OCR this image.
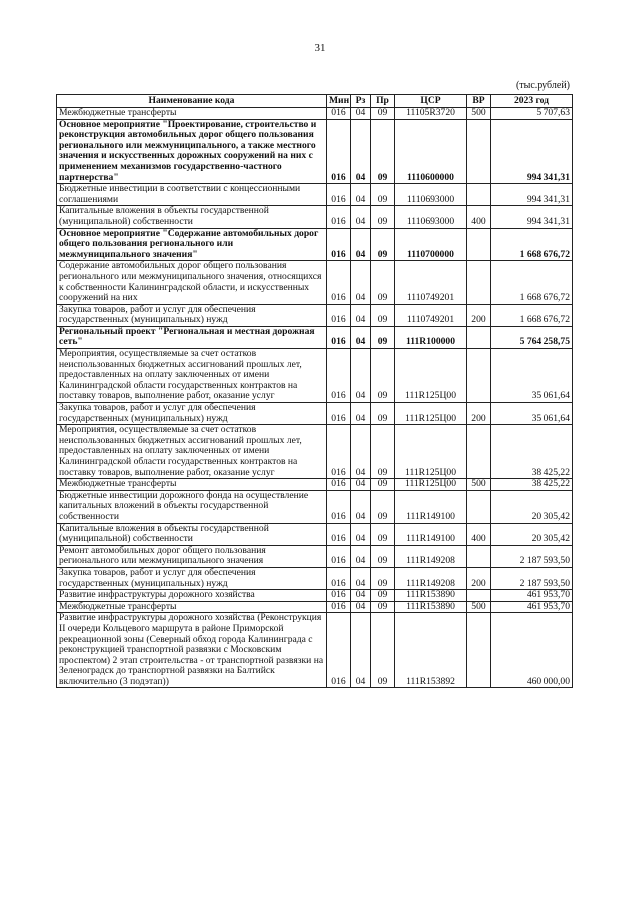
31
(тыс.рублей)
Наименование кода	Мин	Рз	Пр	ЦСР	ВР	2023 год
Межбюджетные трансферты	016	04	09	11105R3720	500	5 707,63
Основное мероприятие "Проектирование, строительство и реконструкция автомобильных дорог общего пользования регионального или межмуниципального, а также местного значения и искусственных дорожных сооружений на них с применением механизмов государственно-частного партнерства"	016	04	09	1110600000		994 341,31
Бюджетные инвестиции в соответствии с концессионными соглашениями	016	04	09	1110693000		994 341,31
Капитальные вложения в объекты государственной (муниципальной) собственности	016	04	09	1110693000	400	994 341,31
Основное мероприятие "Содержание автомобильных дорог общего пользования регионального или межмуниципального значения"	016	04	09	1110700000		1 668 676,72
Содержание автомобильных дорог общего пользования регионального или межмуниципального значения, относящихся к собственности Калининградской области, и искусственных сооружений на них	016	04	09	1110749201		1 668 676,72
Закупка товаров, работ и услуг для обеспечения государственных (муниципальных) нужд	016	04	09	1110749201	200	1 668 676,72
Региональный проект "Региональная и местная дорожная сеть"	016	04	09	111R100000		5 764 258,75
Мероприятия, осуществляемые за счет остатков неиспользованных бюджетных ассигнований прошлых лет, предоставленных на оплату заключенных от имени Калининградской области государственных контрактов на поставку товаров, выполнение работ, оказание услуг	016	04	09	111R125Ц00		35 061,64
Закупка товаров, работ и услуг для обеспечения государственных (муниципальных) нужд	016	04	09	111R125Ц00	200	35 061,64
Мероприятия, осуществляемые за счет остатков неиспользованных бюджетных ассигнований прошлых лет, предоставленных на оплату заключенных от имени Калининградской области государственных контрактов на поставку товаров, выполнение работ, оказание услуг	016	04	09	111R125Ц00		38 425,22
Межбюджетные трансферты	016	04	09	111R125Ц00	500	38 425,22
Бюджетные инвестиции дорожного фонда на осуществление капитальных вложений в объекты государственной собственности	016	04	09	111R149100		20 305,42
Капитальные вложения в объекты государственной (муниципальной) собственности	016	04	09	111R149100	400	20 305,42
Ремонт автомобильных дорог общего пользования регионального или межмуниципального значения	016	04	09	111R149208		2 187 593,50
Закупка товаров, работ и услуг для обеспечения государственных (муниципальных) нужд	016	04	09	111R149208	200	2 187 593,50
Развитие инфраструктуры дорожного хозяйства	016	04	09	111R153890		461 953,70
Межбюджетные трансферты	016	04	09	111R153890	500	461 953,70
Развитие инфраструктуры дорожного хозяйства (Реконструкция II очереди Кольцевого маршрута в районе Приморской рекреационной зоны (Северный обход города Калининграда с реконструкцией транспортной развязки с Московским проспектом) 2 этап строительства - от транспортной развязки на Зеленоградск до транспортной развязки на Балтийск включительно (3 подэтап))	016	04	09	111R153892		460 000,00
